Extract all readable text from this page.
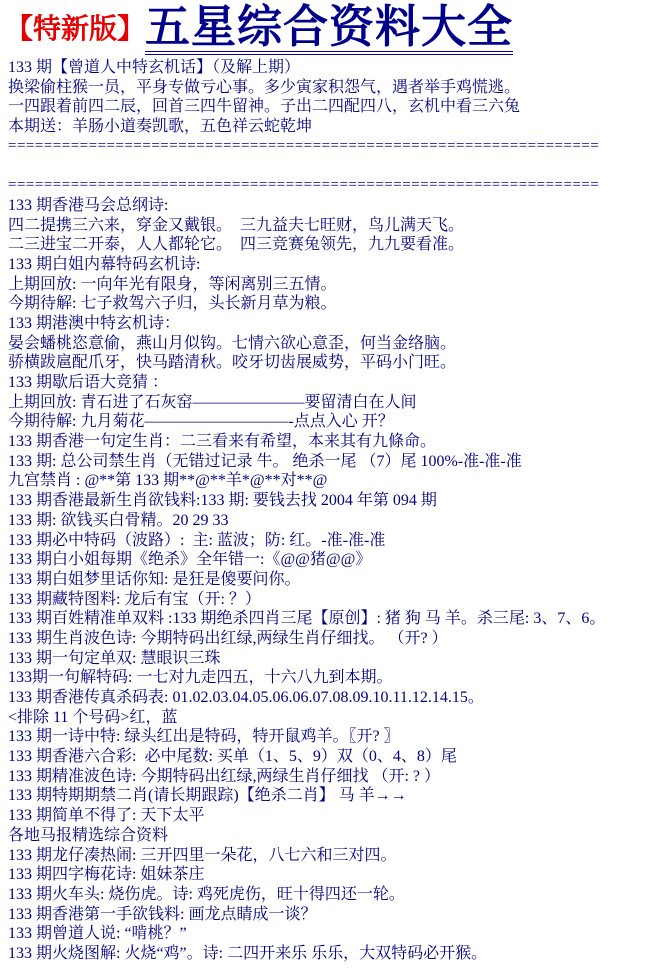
【特新版】 五星综合资料大全
133 期【曾道人中特玄机话】（及解上期）
换梁偷柱猴一员，平身专做亏心事。多少寅家积怨气，遇者举手鸡慌逃。
一四跟着前四二辰，回首三四牛留神。子出二四配四八，玄机中看三六兔
本期送：羊肠小道奏凯歌，五色祥云蛇乾坤
==================================================================

==================================================================
133 期香港马会总纲诗:
四二提携三六来，穿金又戴银。  三九益夫七旺财，鸟儿满天飞。
二三进宝二开泰，人人都轮它。  四三竞赛兔领先，九九要看准。
133 期白姐内幕特码玄机诗:
上期回放: 一向年光有限身，等闲离别三五情。
今期待解: 七子救驾六子归，头长新月草为粮。
133 期港澳中特玄机诗：
晏会蟠桃恣意偷，燕山月似钩。七情六欲心意歪，何当金络脑。
骄横跋扈配爪牙，快马踏清秋。咬牙切齿展威势，平码小门旺。
133 期歇后语大竞猜 ：
上期回放: 青石进了石灰窑———————要留清白在人间
今期待解: 九月菊花—————————-点点入心 开？
133 期香港一句定生肖：二三看来有希望，本来其有九條命。
133 期: 总公司禁生肖（无错过记录 牛。 绝杀一尾 （7）尾 100%-准-准-准
九宫禁肖 : @**第 133 期**@**羊*@**对**@
133 期香港最新生肖欲钱料:133 期: 要钱去找 2004 年第 094 期
133 期: 欲钱买白骨精。20 29 33
133 期必中特码（波路）:  主: 蓝波；防: 红。-准-准-准
133 期白小姐每期《绝杀》全年错一:《@@猪@@》
133 期白姐梦里话你知: 是狂是傻要问你。
133 期藏特图料: 龙后有宝（开: ？）
133 期百姓精准单双料 :133 期绝杀四肖三尾【原创】: 猪 狗 马 羊。杀三尾: 3、7、6。
133 期生肖波色诗: 今期特码出红绿,两绿生肖仔细找。 （开? ）
133 期一句定单双: 慧眼识三珠
133期一句解特码: 一七对九走四五，十六八九到本期。
133 期香港传真杀码表: 01.02.03.04.05.06.06.07.08.09.10.11.12.14.15。
<排除 11 个号码>红，蓝
133 期一诗中特: 绿头红出是特码，特开鼠鸡羊。〖开? 〗
133 期香港六合彩:  必中尾数: 买单（1、5、9）双（0、4、8）尾
133 期精准波色诗: 今期特码出红绿,两绿生肖仔细找 （开: ? ）
133 期特期期禁二肖(请长期跟踪)【绝杀二肖】 马 羊→→
133 期简单不得了: 天下太平
各地马报精选综合资料
133 期龙仔凑热闹: 三开四里一朵花，八七六和三对四。
133 期四字梅花诗: 姐妹茶庄
133 期火车头: 烧伤虎。诗: 鸡死虎伤，旺十得四还一轮。
133 期香港第一手欲钱料: 画龙点睛成一谈？
133 期曾道人说: “啃桃？”
133 期火烧图解: 火烧“鸡”。诗: 二四开来乐 乐乐，大双特码必开猴。
